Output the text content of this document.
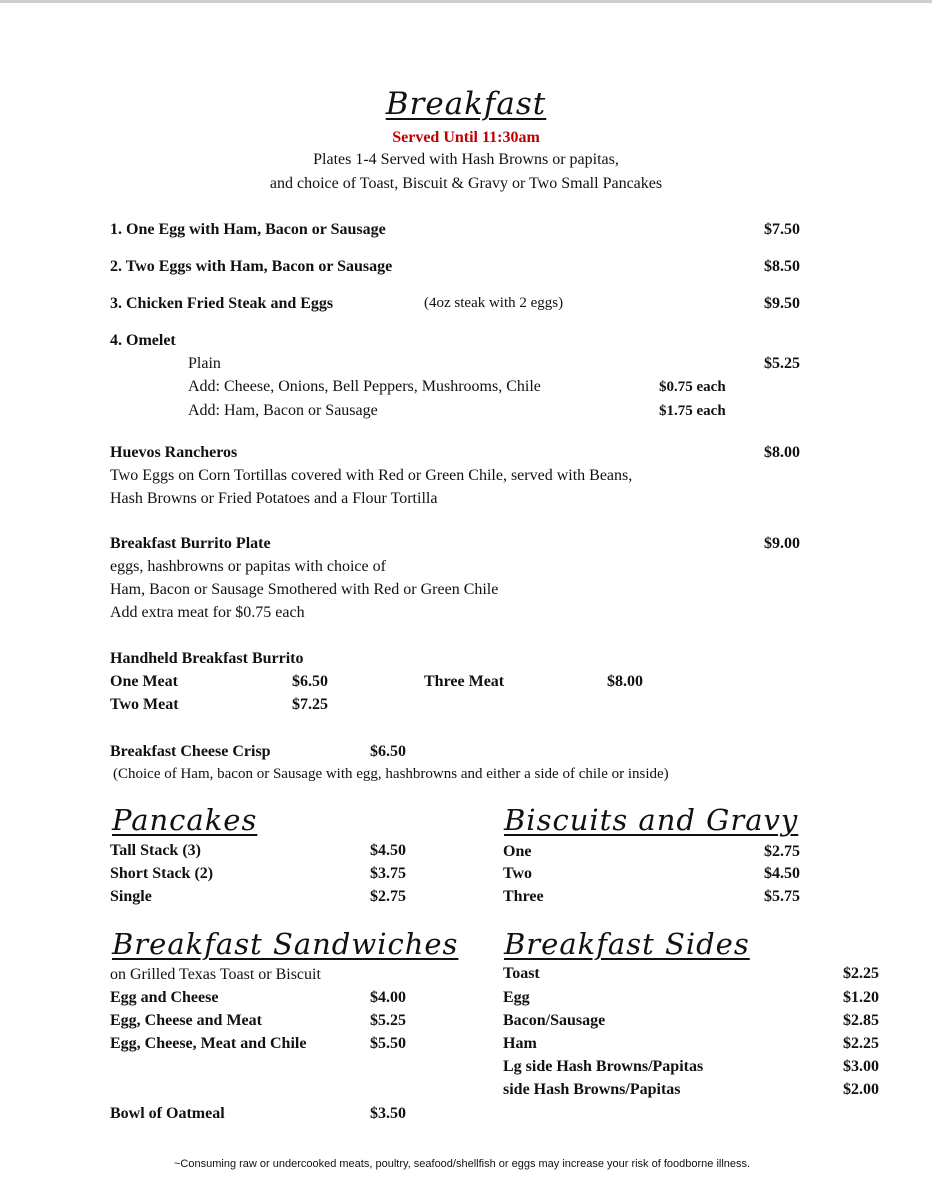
Breakfast
Served Until 11:30am
Plates 1-4 Served with Hash Browns or papitas,
and choice of Toast, Biscuit & Gravy or Two Small Pancakes
1. One Egg with Ham, Bacon or Sausage	$7.50
2. Two Eggs with Ham, Bacon or Sausage	$8.50
3. Chicken Fried Steak and Eggs	(4oz steak with 2 eggs)	$9.50
4. Omelet
Plain	$5.25
Add: Cheese, Onions, Bell Peppers, Mushrooms, Chile	$0.75 each
Add: Ham, Bacon or Sausage	$1.75 each
Huevos Rancheros	$8.00
Two Eggs on Corn Tortillas covered with Red or Green Chile, served with Beans,
Hash Browns or Fried Potatoes and a Flour Tortilla
Breakfast Burrito Plate	$9.00
eggs, hashbrowns or papitas with choice of
Ham, Bacon or Sausage Smothered with Red or Green Chile
Add extra meat for $0.75 each
Handheld Breakfast Burrito
One Meat	$6.50	Three Meat	$8.00
Two Meat	$7.25
Breakfast Cheese Crisp	$6.50
(Choice of Ham, bacon or Sausage with egg, hashbrowns and either a side of chile or inside)
Pancakes
Tall Stack (3)	$4.50
Short Stack (2)	$3.75
Single	$2.75
Biscuits and Gravy
One	$2.75
Two	$4.50
Three	$5.75
Breakfast Sandwiches
on Grilled Texas Toast or Biscuit
Egg and Cheese	$4.00
Egg, Cheese and Meat	$5.25
Egg, Cheese, Meat and Chile	$5.50
Breakfast Sides
Toast	$2.25
Egg	$1.20
Bacon/Sausage	$2.85
Ham	$2.25
Lg side Hash Browns/Papitas	$3.00
side Hash Browns/Papitas	$2.00
Bowl of Oatmeal	$3.50
~Consuming raw or undercooked meats, poultry, seafood/shellfish or eggs may increase your risk of foodborne illness.
